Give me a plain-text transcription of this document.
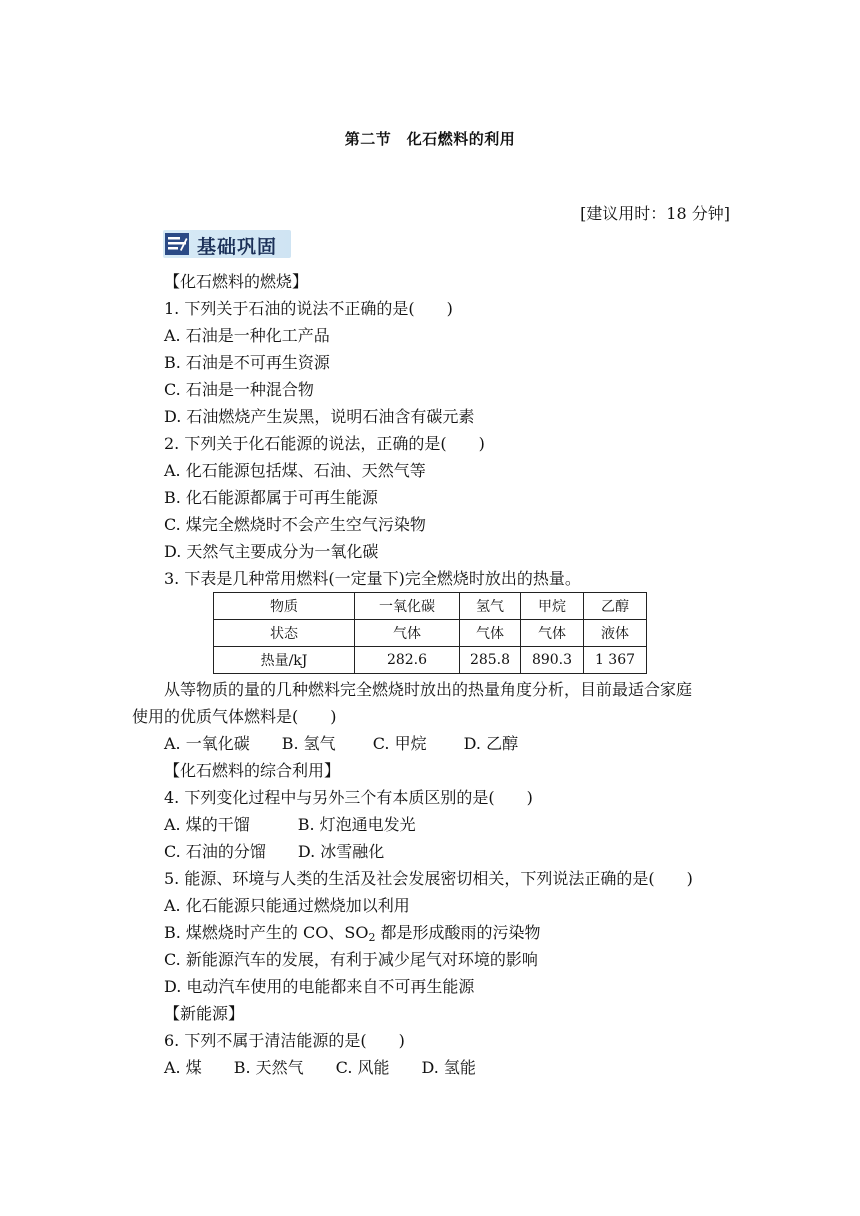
第二节　化石燃料的利用
[建议用时：18 分钟]
基础巩固
【化石燃料的燃烧】
1. 下列关于石油的说法不正确的是(　　)
A. 石油是一种化工产品
B. 石油是不可再生资源
C. 石油是一种混合物
D. 石油燃烧产生炭黑，说明石油含有碳元素
2. 下列关于化石能源的说法，正确的是(　　)
A. 化石能源包括煤、石油、天然气等
B. 化石能源都属于可再生能源
C. 煤完全燃烧时不会产生空气污染物
D. 天然气主要成分为一氧化碳
3. 下表是几种常用燃料(一定量下)完全燃烧时放出的热量。
物质	一氧化碳	氢气	甲烷	乙醇
状态	气体	气体	气体	液体
热量/kJ	282.6	285.8	890.3	1 367
从等物质的量的几种燃料完全燃烧时放出的热量角度分析，目前最适合家庭
使用的优质气体燃料是(　　)
A. 一氧化碳　　B. 氢气　　 C. 甲烷　　 D. 乙醇
【化石燃料的综合利用】
4. 下列变化过程中与另外三个有本质区别的是(　　)
A. 煤的干馏　　　B. 灯泡通电发光
C. 石油的分馏　　D. 冰雪融化
5. 能源、环境与人类的生活及社会发展密切相关，下列说法正确的是(　　)
A. 化石能源只能通过燃烧加以利用
B. 煤燃烧时产生的 CO、$SO_2$ 都是形成酸雨的污染物
C. 新能源汽车的发展，有利于减少尾气对环境的影响
D. 电动汽车使用的电能都来自不可再生能源
【新能源】
6. 下列不属于清洁能源的是(　　)
A. 煤　　B. 天然气　　C. 风能　　D. 氢能
